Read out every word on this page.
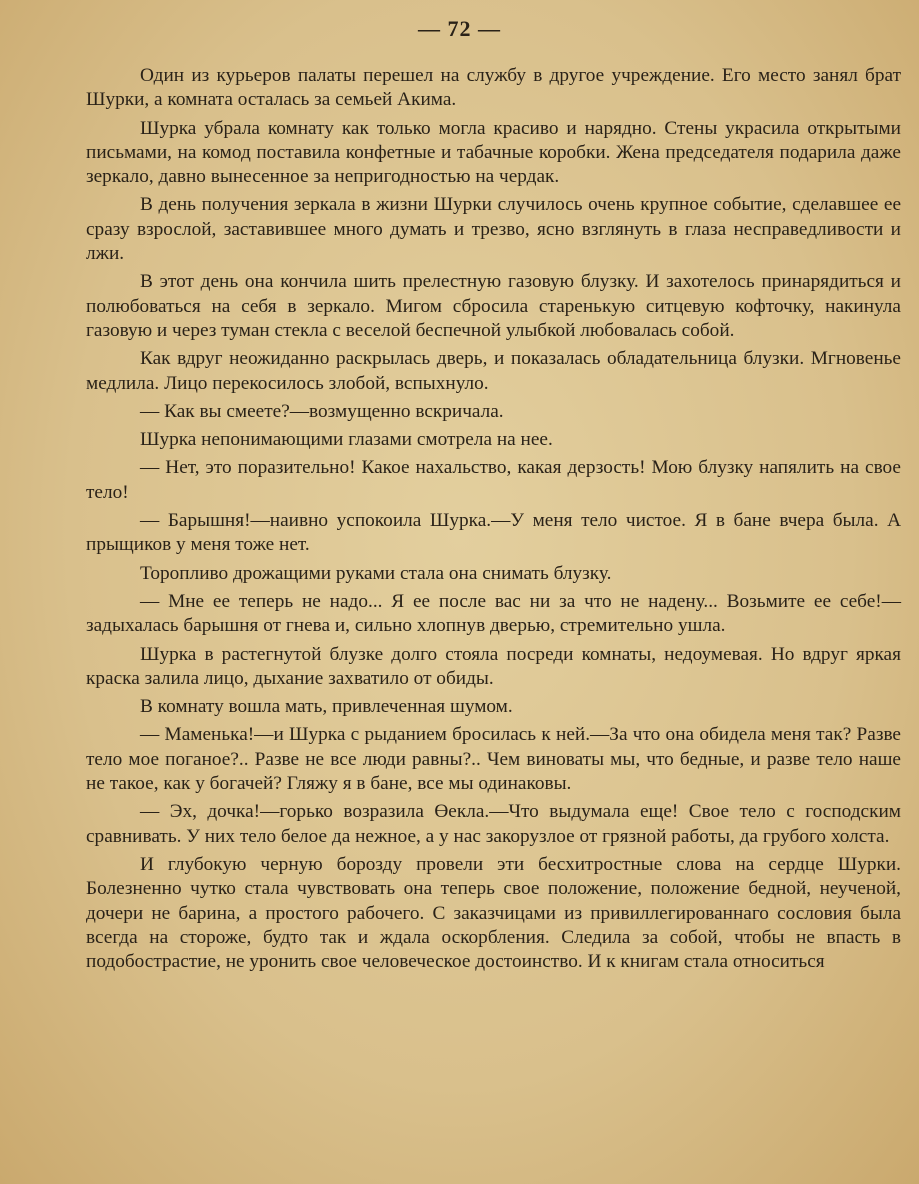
— 72 —

Один из курьеров палаты перешел на службу в другое учреждение. Его место занял брат Шурки, а комната осталась за семьей Акима.

Шурка убрала комнату как только могла красиво и нарядно. Стены украсила открытыми письмами, на комод поставила конфетные и табачные коробки. Жена председателя подарила даже зеркало, давно вынесенное за непригодностью на чердак.

В день получения зеркала в жизни Шурки случилось очень крупное событие, сделавшее ее сразу взрослой, заставившее много думать и трезво, ясно взглянуть в глаза несправедливости и лжи.

В этот день она кончила шить прелестную газовую блузку. И захотелось принарядиться и полюбоваться на себя в зеркало. Мигом сбросила старенькую ситцевую кофточку, накинула газовую и через туман стекла с веселой беспечной улыбкой любовалась собой.

Как вдруг неожиданно раскрылась дверь, и показалась обладательница блузки. Мгновенье медлила. Лицо перекосилось злобой, вспыхнуло.

— Как вы смеете?—возмущенно вскричала.

Шурка непонимающими глазами смотрела на нее.

— Нет, это поразительно! Какое нахальство, какая дерзость! Мою блузку напялить на свое тело!

— Барышня!—наивно успокоила Шурка.—У меня тело чистое. Я в бане вчера была. А прыщиков у меня тоже нет.

Торопливо дрожащими руками стала она снимать блузку.

— Мне ее теперь не надо... Я ее после вас ни за что не надену... Возьмите ее себе!—задыхалась барышня от гнева и, сильно хлопнув дверью, стремительно ушла.

Шурка в растегнутой блузке долго стояла посреди комнаты, недоумевая. Но вдруг яркая краска залила лицо, дыхание захватило от обиды.

В комнату вошла мать, привлеченная шумом.

— Маменька!—и Шурка с рыданием бросилась к ней.—За что она обидела меня так? Разве тело мое поганое?.. Разве не все люди равны?.. Чем виноваты мы, что бедные, и разве тело наше не такое, как у богачей? Гляжу я в бане, все мы одинаковы.

— Эх, дочка!—горько возразила Өекла.—Что выдумала еще! Свое тело с господским сравнивать. У них тело белое да нежное, а у нас закорузлое от грязной работы, да грубого холста.

И глубокую черную борозду провели эти бесхитростные слова на сердце Шурки. Болезненно чутко стала чувствовать она теперь свое положение, положение бедной, неученой, дочери не барина, а простого рабочего. С заказчицами из привиллегированнаго сословия была всегда на стороже, будто так и ждала оскорбления. Следила за собой, чтобы не впасть в подобострастие, не уронить свое человеческое достоинство. И к книгам стала относиться
